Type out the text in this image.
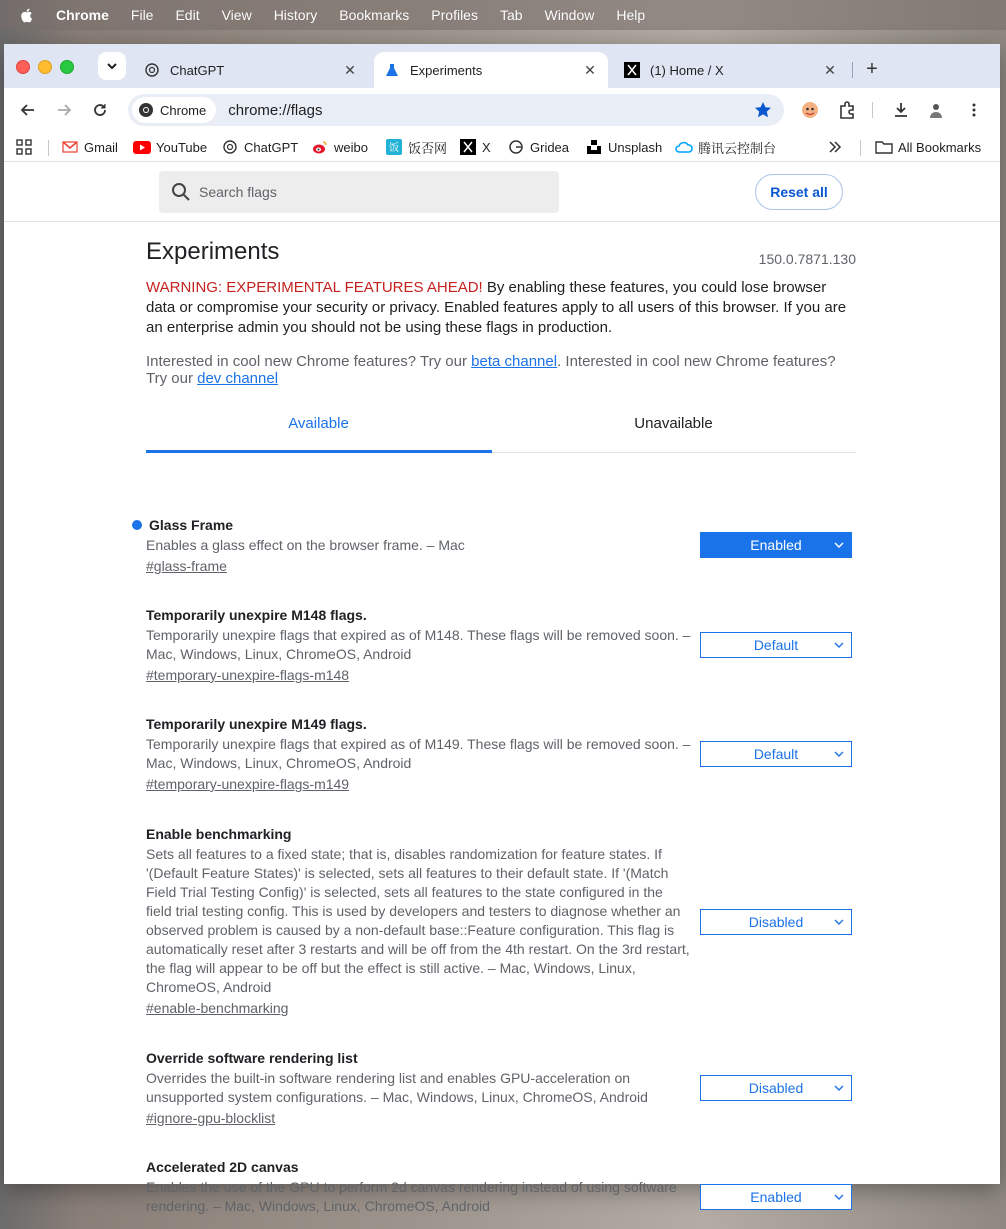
Chrome File Edit View History Bookmarks Profiles Tab Window Help
ChatGPT	✕	Experiments	✕	(1) Home / X	✕	+
Chrome chrome://flags
Gmail	YouTube	ChatGPT	weibo 饭 饭否网	X	Gridea	Unsplash	腾讯云控制台	All Bookmarks
Search flags	Reset all
Experiments	150.0.7871.130

WARNING: EXPERIMENTAL FEATURES AHEAD! By enabling these features, you could lose browser data or compromise your security or privacy. Enabled features apply to all users of this browser. If you are an enterprise admin you should not be using these flags in production.

Interested in cool new Chrome features? Try our beta channel. Interested in cool new Chrome features? Try our dev channel

Available	Unavailable
Glass Frame
Enables a glass effect on the browser frame. – Mac
#glass-frame
Enabled
Temporarily unexpire M148 flags.
Temporarily unexpire flags that expired as of M148. These flags will be removed soon. – Mac, Windows, Linux, ChromeOS, Android
#temporary-unexpire-flags-m148
Default
Temporarily unexpire M149 flags.
Temporarily unexpire flags that expired as of M149. These flags will be removed soon. – Mac, Windows, Linux, ChromeOS, Android
#temporary-unexpire-flags-m149
Default
Enable benchmarking
Sets all features to a fixed state; that is, disables randomization for feature states. If '(Default Feature States)' is selected, sets all features to their default state. If '(Match Field Trial Testing Config)' is selected, sets all features to the state configured in the field trial testing config. This is used by developers and testers to diagnose whether an observed problem is caused by a non-default base::Feature configuration. This flag is automatically reset after 3 restarts and will be off from the 4th restart. On the 3rd restart, the flag will appear to be off but the effect is still active. – Mac, Windows, Linux, ChromeOS, Android
#enable-benchmarking
Disabled
Override software rendering list
Overrides the built-in software rendering list and enables GPU-acceleration on unsupported system configurations. – Mac, Windows, Linux, ChromeOS, Android
#ignore-gpu-blocklist
Disabled
Accelerated 2D canvas
Enables the use of the GPU to perform 2d canvas rendering instead of using software rendering. – Mac, Windows, Linux, ChromeOS, Android
Enabled
